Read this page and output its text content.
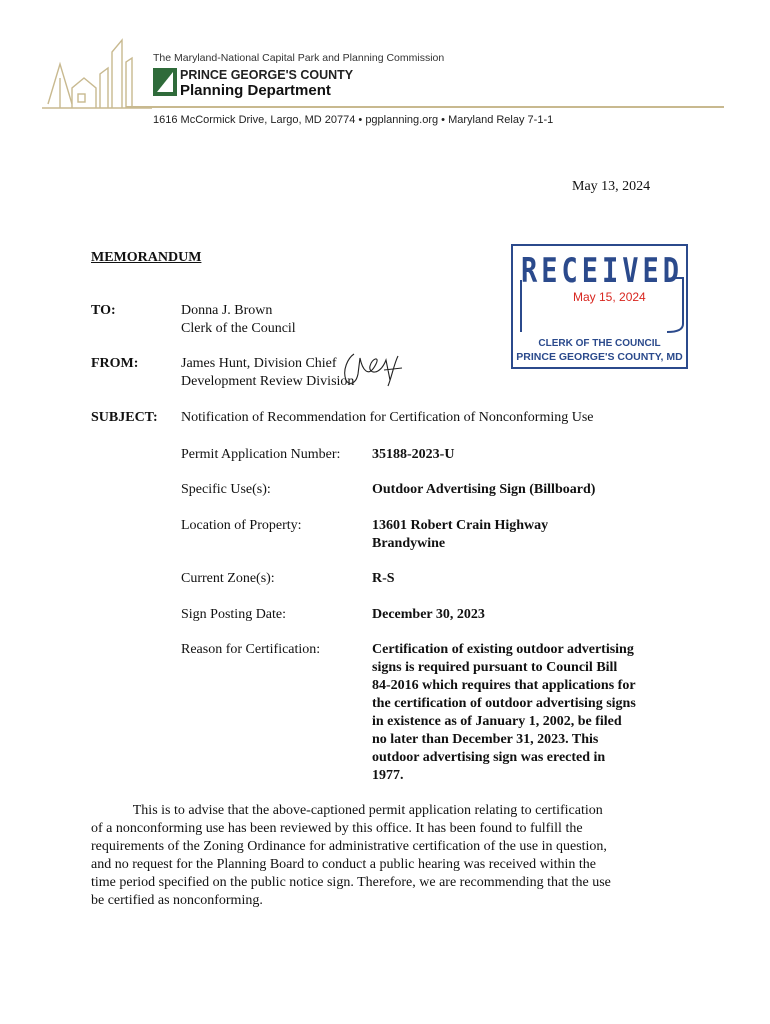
The Maryland-National Capital Park and Planning Commission
PRINCE GEORGE'S COUNTY
Planning Department
1616 McCormick Drive, Largo, MD 20774 • pgplanning.org • Maryland Relay 7-1-1
May 13, 2024
MEMORANDUM
TO:	Donna J. Brown
Clerk of the Council
FROM:	James Hunt, Division Chief
Development Review Division
SUBJECT: Notification of Recommendation for Certification of Nonconforming Use
Permit Application Number: 35188-2023-U
Specific Use(s):	Outdoor Advertising Sign (Billboard)
Location of Property:	13601 Robert Crain Highway
Brandywine
Current Zone(s):	R-S
Sign Posting Date:	December 30, 2023
Reason for Certification:	Certification of existing outdoor advertising
signs is required pursuant to Council Bill
84-2016 which requires that applications for
the certification of outdoor advertising signs
in existence as of January 1, 2002, be filed
no later than December 31, 2023. This
outdoor advertising sign was erected in
1977.
This is to advise that the above-captioned permit application relating to certification
of a nonconforming use has been reviewed by this office. It has been found to fulfill the
requirements of the Zoning Ordinance for administrative certification of the use in question,
and no request for the Planning Board to conduct a public hearing was received within the
time period specified on the public notice sign. Therefore, we are recommending that the use
be certified as nonconforming.
RECEIVED
May 15, 2024
CLERK OF THE COUNCIL
PRINCE GEORGE'S COUNTY, MD
